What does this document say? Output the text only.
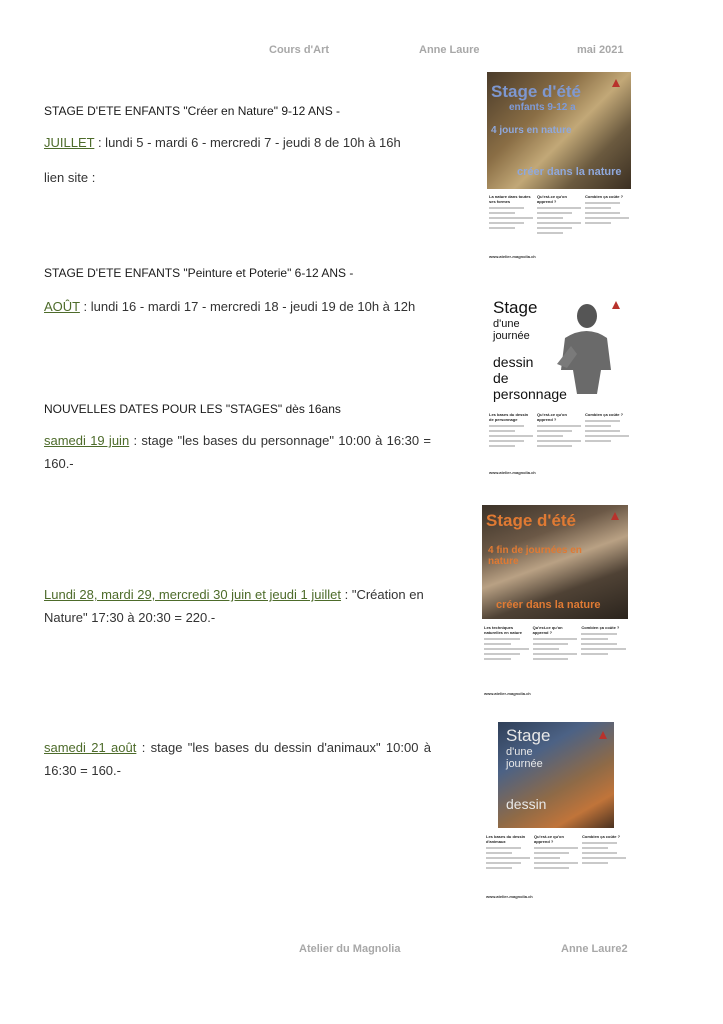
Cours d'Art	Anne Laure	mai 2021
STAGE D'ETE ENFANTS "Créer en Nature" 9-12 ANS -
JUILLET : lundi 5 - mardi 6 - mercredi 7 - jeudi 8 de 10h à 16h
lien site :
STAGE D'ETE ENFANTS "Peinture et Poterie" 6-12 ANS -
AOÛT : lundi 16 - mardi 17 - mercredi 18 - jeudi 19 de 10h à 12h
NOUVELLES DATES POUR LES "STAGES" dès 16ans
samedi 19 juin : stage "les bases du personnage" 10:00 à 16:30 = 160.-
Lundi 28, mardi 29, mercredi 30 juin et jeudi 1 juillet : "Création en Nature" 17:30 à 20:30 = 220.-
samedi 21 août : stage "les bases du dessin d'animaux" 10:00 à 16:30 = 160.-
Stage d'été
enfants 9-12 a
4 jours en nature
créer dans la nature
La nature dans toutes ses formes
Qu'est-ce qu'on apprend ?
Combien ça coûte ?
www.atelier-magnolia.ch
Stage
d'une
journée
dessin
de
personnage
Les bases du dessin de personnage
Qu'est-ce qu'on apprend ?
Combien ça coûte ?
www.atelier-magnolia.ch
Stage d'été
4 fin de journées en nature
créer dans la nature
Les techniques naturelles en nature
Qu'est-ce qu'on apprend ?
Combien ça coûte ?
www.atelier-magnolia.ch
Stage
d'une
journée
dessin
Les bases du dessin d'animaux
Qu'est-ce qu'on apprend ?
Combien ça coûte ?
www.atelier-magnolia.ch
Atelier du Magnolia	Anne Laure2
